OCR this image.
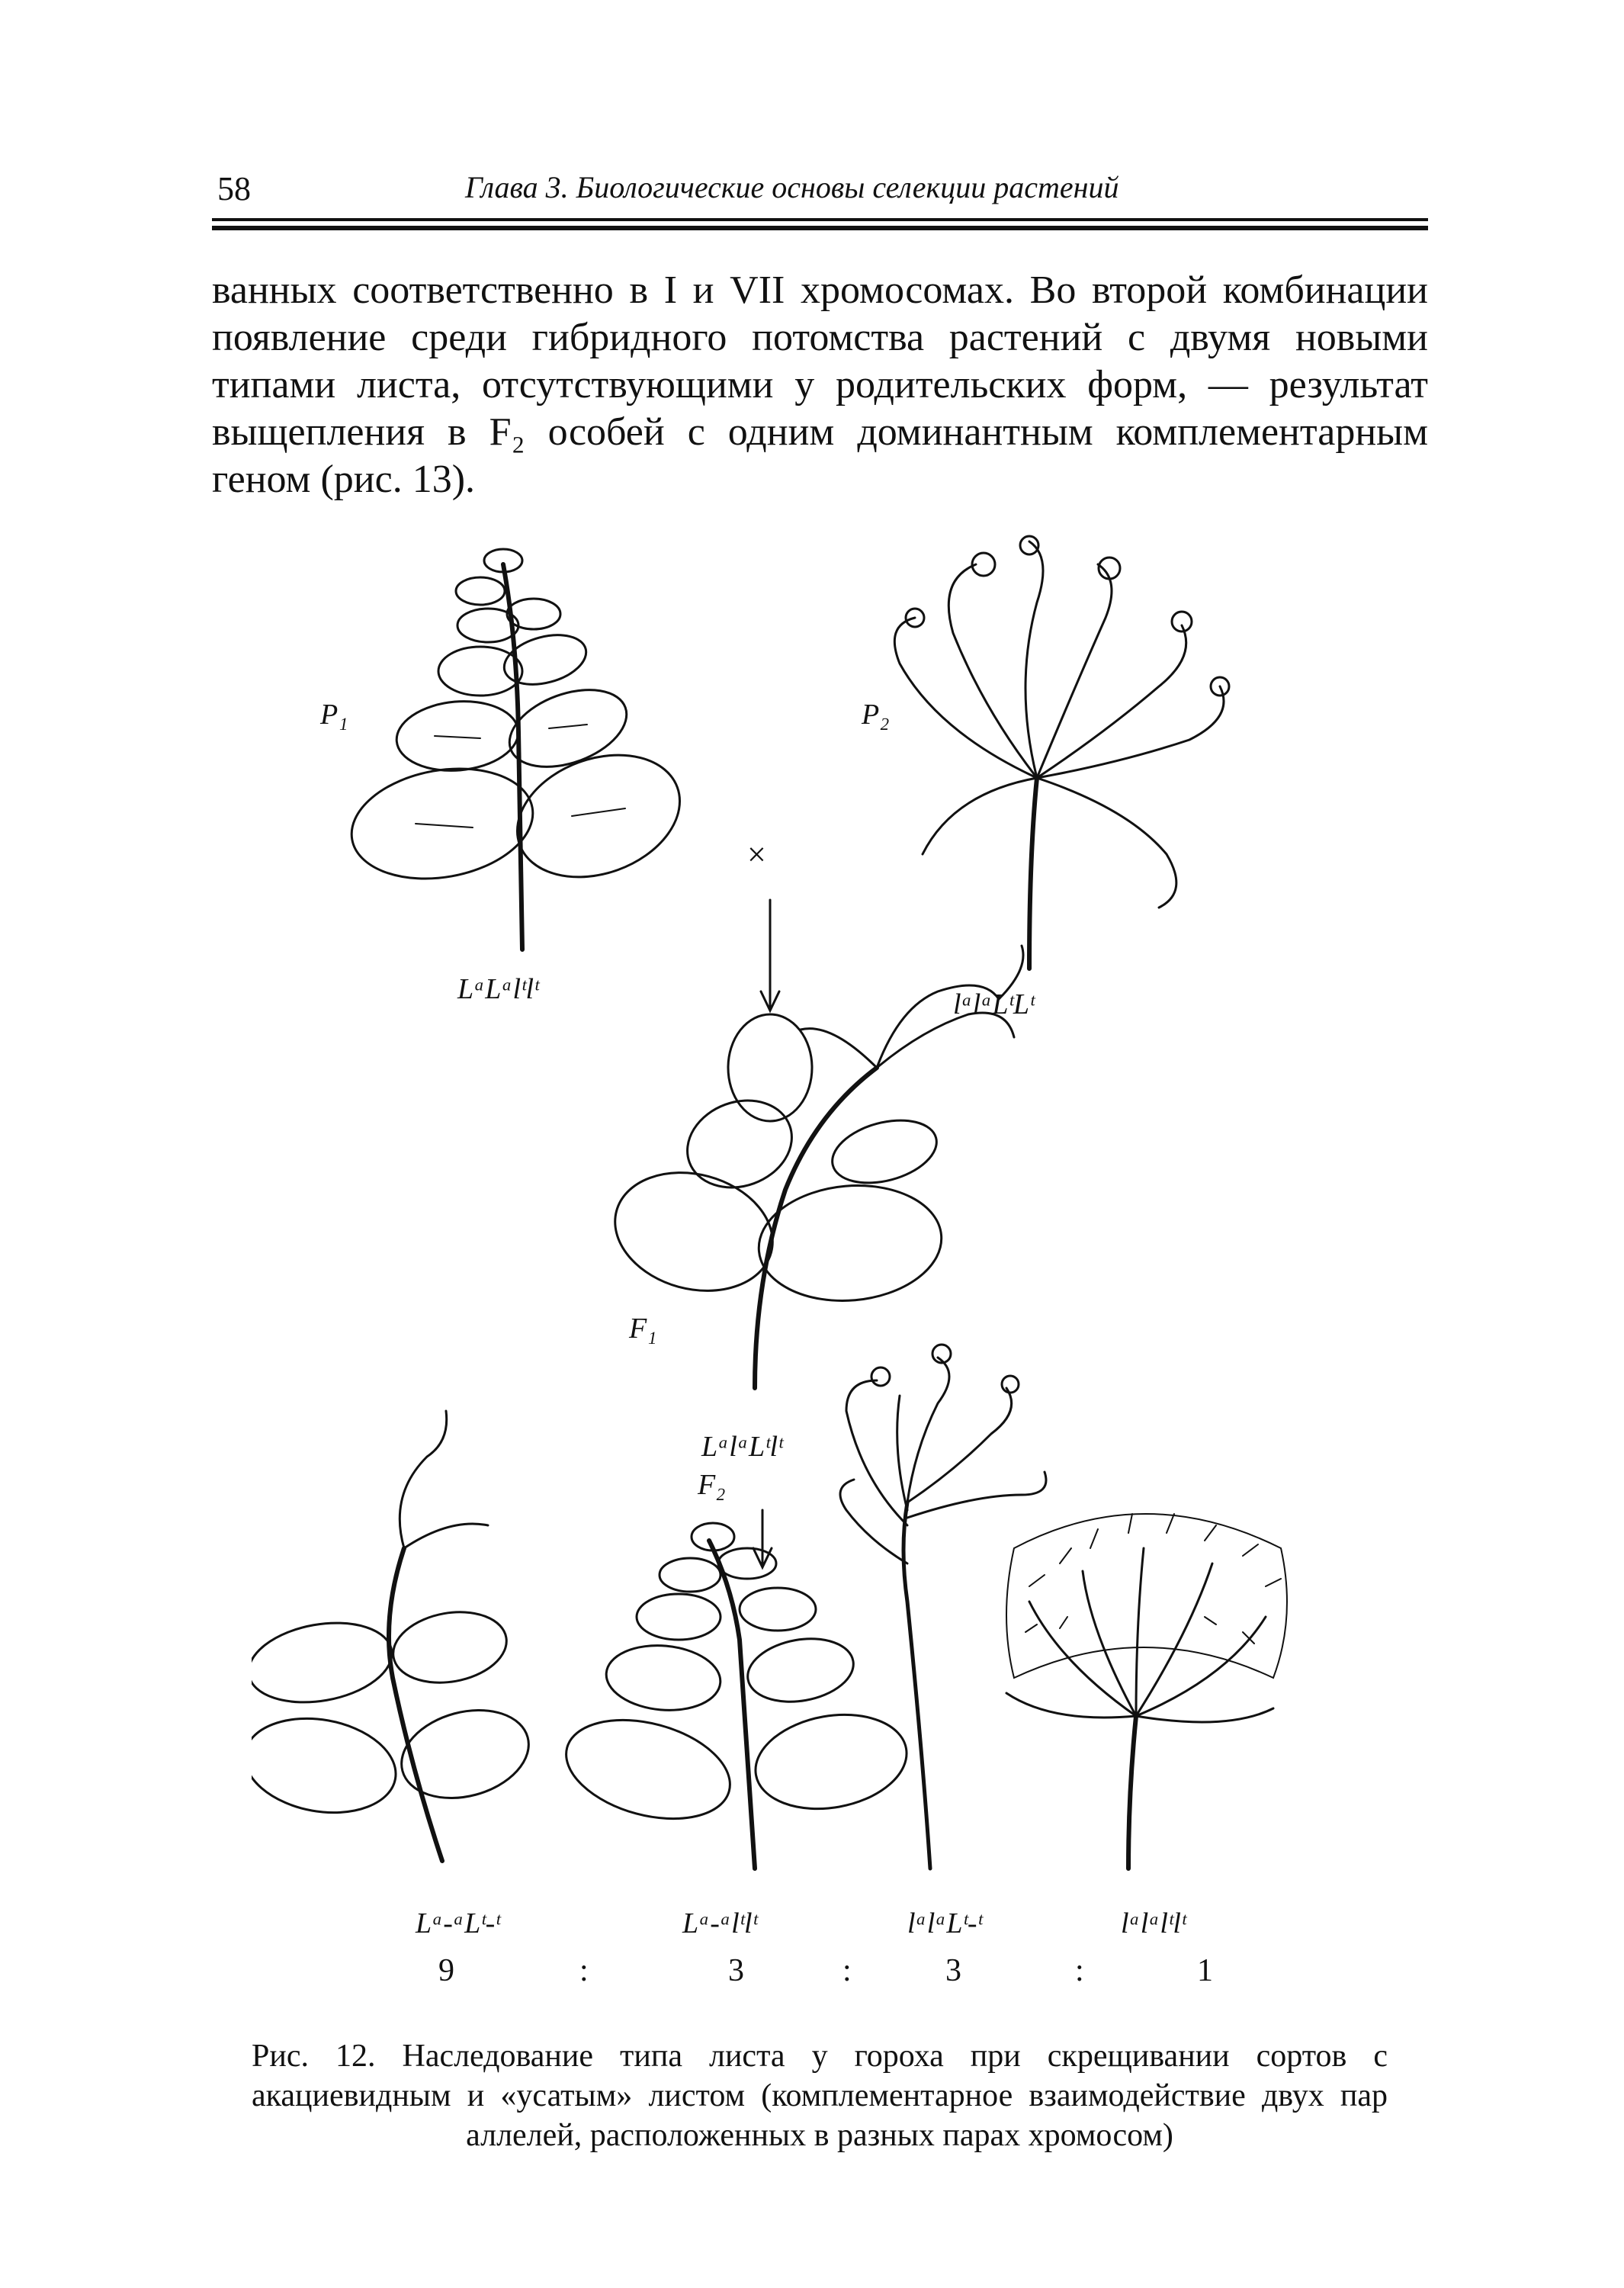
58	Глава 3. Биологические основы селекции растений
ванных соответственно в I и VII хромосомах. Во второй комбинации появление среди гибридного потомства растений с двумя новыми типами листа, отсутствующими у родительских форм, — результат выщепления в F₂ особей с одним доминантным комплементарным геном (рис. 13).
P₁	P₂
×
F₁
F₂
LᵃLᵃlᵗlᵗ	lᵃlᵃLᵗLᵗ
LᵃlᵃLᵗlᵗ
Lᵃ-ᵃLᵗ-ᵗ	Lᵃ-ᵃlᵗlᵗ	lᵃlᵃLᵗ-ᵗ	lᵃlᵃlᵗlᵗ
9	:	3	:	3	:	1
Рис. 12. Наследование типа листа у гороха при скрещивании сортов с акациевидным и «усатым» листом (комплементарное взаимодействие двух пар аллелей, расположенных в разных парах хромосом)
